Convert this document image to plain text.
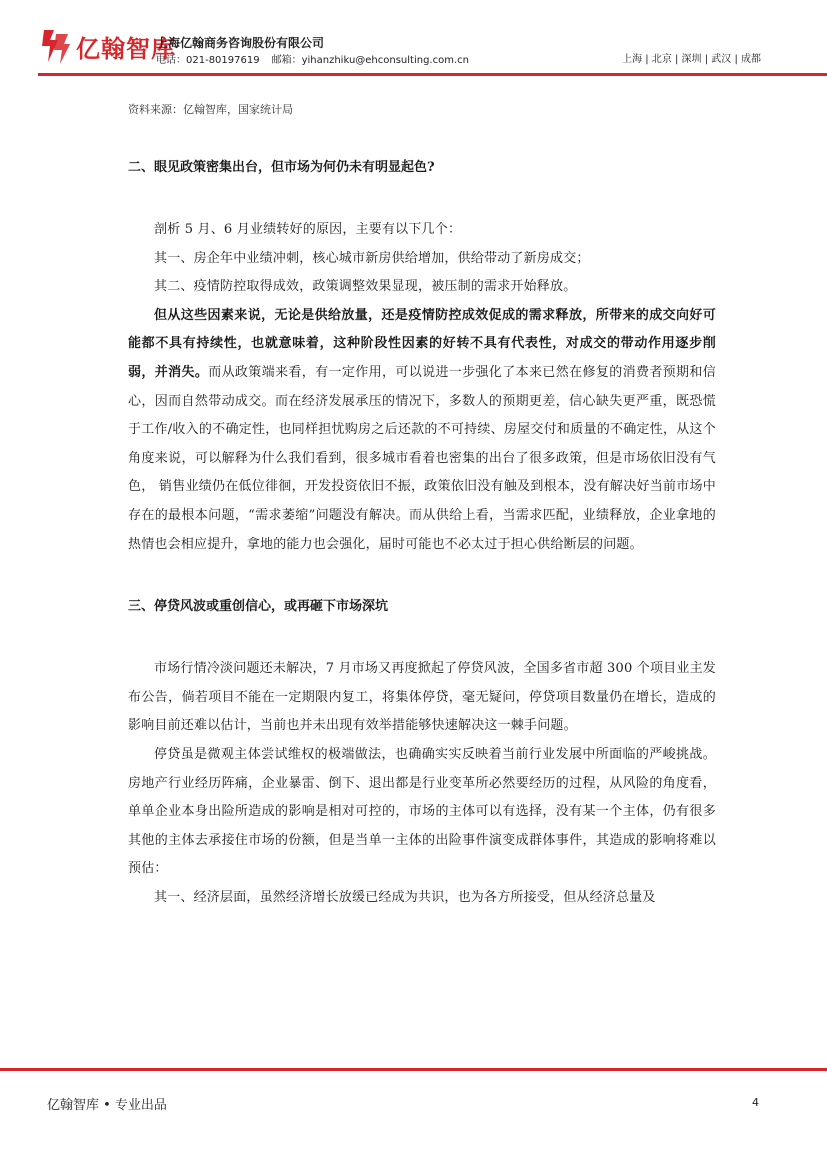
亿翰智库
上海亿翰商务咨询股份有限公司
电话：021-80197619 邮箱：yihanzhiku@ehconsulting.com.cn	上海 | 北京 | 深圳 | 武汉 | 成都

资料来源：亿翰智库，国家统计局

二、眼见政策密集出台，但市场为何仍未有明显起色?

剖析 5 月、6 月业绩转好的原因，主要有以下几个：

其一、房企年中业绩冲刺，核心城市新房供给增加，供给带动了新房成交；

其二、疫情防控取得成效，政策调整效果显现，被压制的需求开始释放。

但从这些因素来说，无论是供给放量，还是疫情防控成效促成的需求释放，所带来的成交向好可能都不具有持续性，也就意味着，这种阶段性因素的好转不具有代表性，对成交的带动作用逐步削弱，并消失。而从政策端来看，有一定作用，可以说进一步强化了本来已然在修复的消费者预期和信心，因而自然带动成交。而在经济发展承压的情况下，多数人的预期更差，信心缺失更严重，既恐慌于工作/收入的不确定性，也同样担忧购房之后还款的不可持续、房屋交付和质量的不确定性，从这个角度来说，可以解释为什么我们看到，很多城市看着也密集的出台了很多政策，但是市场依旧没有气色， 销售业绩仍在低位徘徊，开发投资依旧不振，政策依旧没有触及到根本，没有解决好当前市场中存在的最根本问题，“需求萎缩”问题没有解决。而从供给上看，当需求匹配，业绩释放，企业拿地的热情也会相应提升，拿地的能力也会强化，届时可能也不必太过于担心供给断层的问题。

三、停贷风波或重创信心，或再砸下市场深坑

市场行情冷淡问题还未解决，7 月市场又再度掀起了停贷风波，全国多省市超 300 个项目业主发布公告，倘若项目不能在一定期限内复工，将集体停贷，毫无疑问，停贷项目数量仍在增长，造成的影响目前还难以估计，当前也并未出现有效举措能够快速解决这一棘手问题。

停贷虽是微观主体尝试维权的极端做法，也确确实实反映着当前行业发展中所面临的严峻挑战。房地产行业经历阵痛，企业暴雷、倒下、退出都是行业变革所必然要经历的过程，从风险的角度看，单单企业本身出险所造成的影响是相对可控的，市场的主体可以有选择，没有某一个主体，仍有很多其他的主体去承接住市场的份额，但是当单一主体的出险事件演变成群体事件，其造成的影响将难以预估：

其一、经济层面，虽然经济增长放缓已经成为共识，也为各方所接受，但从经济总量及

亿翰智库 • 专业出品	4
